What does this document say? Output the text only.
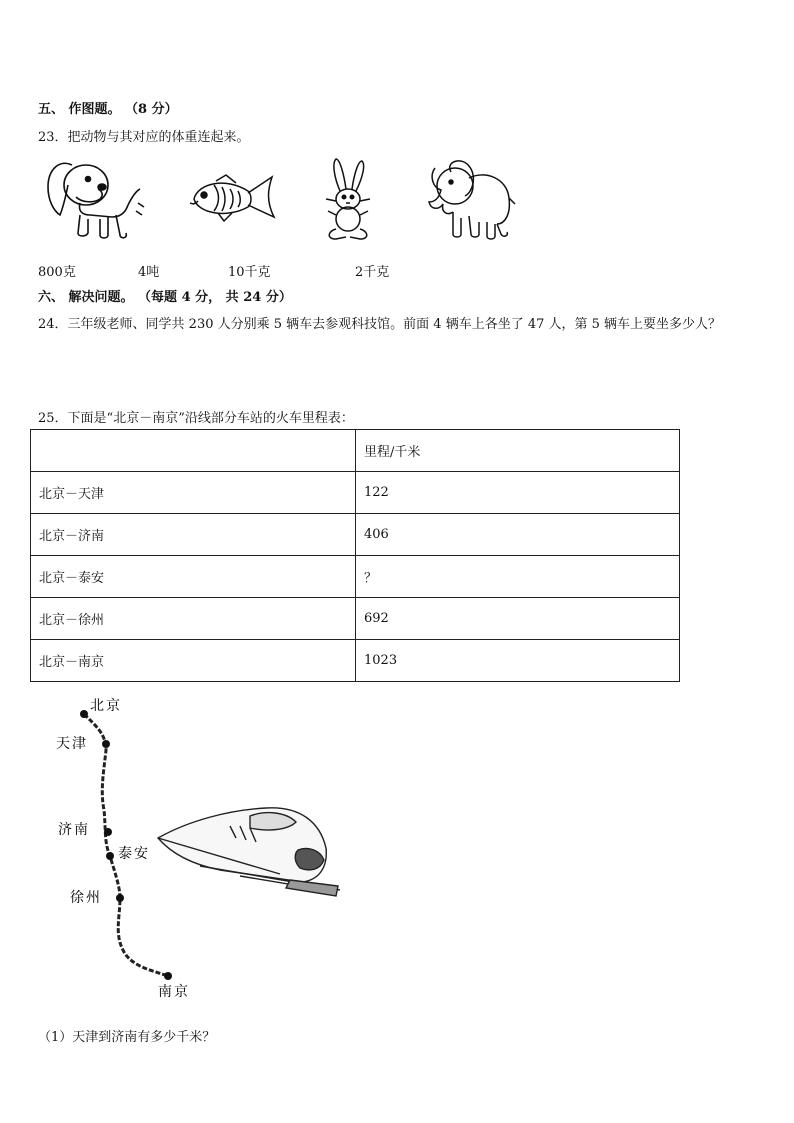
五、 作图题。 （8 分）
23．把动物与其对应的体重连起来。
800克	4吨	10千克	2千克
六、 解决问题。 （每题 4 分， 共 24 分）
24．三年级老师、同学共 230 人分别乘 5 辆车去参观科技馆。前面 4 辆车上各坐了 47 人，第 5 辆车上要坐多少人？
25．下面是“北京－南京”沿线部分车站的火车里程表：
	里程/千米
北京－天津	122
北京－济南	406
北京－泰安	？
北京－徐州	692
北京－南京	1023
北京
天津
济南
泰安
徐州
南京
（1）天津到济南有多少千米？
